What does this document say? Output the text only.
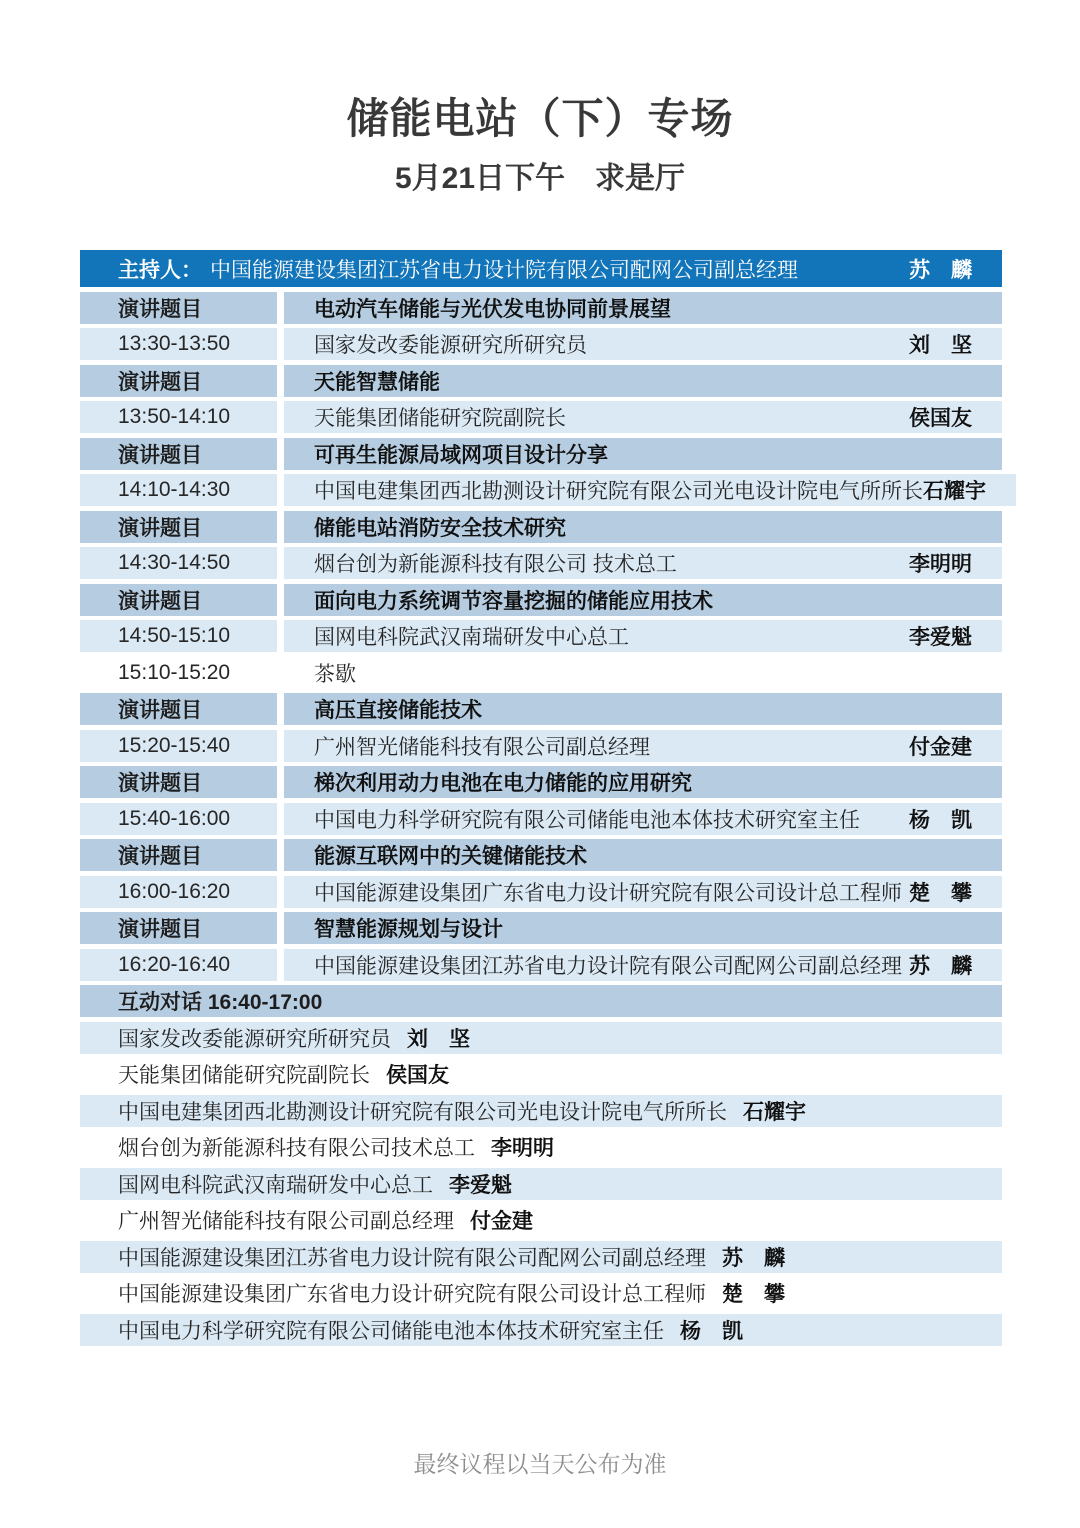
储能电站（下）专场
5月21日下午　求是厅
主持人： 中国能源建设集团江苏省电力设计院有限公司配网公司副总经理	苏　麟
演讲题目	电动汽车储能与光伏发电协同前景展望
13:30-13:50	国家发改委能源研究所研究员	刘　坚
演讲题目	天能智慧储能
13:50-14:10	天能集团储能研究院副院长	侯国友
演讲题目	可再生能源局域网项目设计分享
14:10-14:30	中国电建集团西北勘测设计研究院有限公司光电设计院电气所所长 石耀宇
演讲题目	储能电站消防安全技术研究
14:30-14:50	烟台创为新能源科技有限公司 技术总工	李明明
演讲题目	面向电力系统调节容量挖掘的储能应用技术
14:50-15:10	国网电科院武汉南瑞研发中心总工	李爱魁
15:10-15:20	茶歇
演讲题目	高压直接储能技术
15:20-15:40	广州智光储能科技有限公司副总经理	付金建
演讲题目	梯次利用动力电池在电力储能的应用研究
15:40-16:00	中国电力科学研究院有限公司储能电池本体技术研究室主任	杨　凯
演讲题目	能源互联网中的关键储能技术
16:00-16:20	中国能源建设集团广东省电力设计研究院有限公司设计总工程师 楚　攀
演讲题目	智慧能源规划与设计
16:20-16:40	中国能源建设集团江苏省电力设计院有限公司配网公司副总经理 苏　麟
互动对话 16:40-17:00
国家发改委能源研究所研究员 刘　坚
天能集团储能研究院副院长 侯国友
中国电建集团西北勘测设计研究院有限公司光电设计院电气所所长 石耀宇
烟台创为新能源科技有限公司技术总工 李明明
国网电科院武汉南瑞研发中心总工 李爱魁
广州智光储能科技有限公司副总经理 付金建
中国能源建设集团江苏省电力设计院有限公司配网公司副总经理 苏　麟
中国能源建设集团广东省电力设计研究院有限公司设计总工程师 楚　攀
中国电力科学研究院有限公司储能电池本体技术研究室主任 杨　凯
最终议程以当天公布为准
